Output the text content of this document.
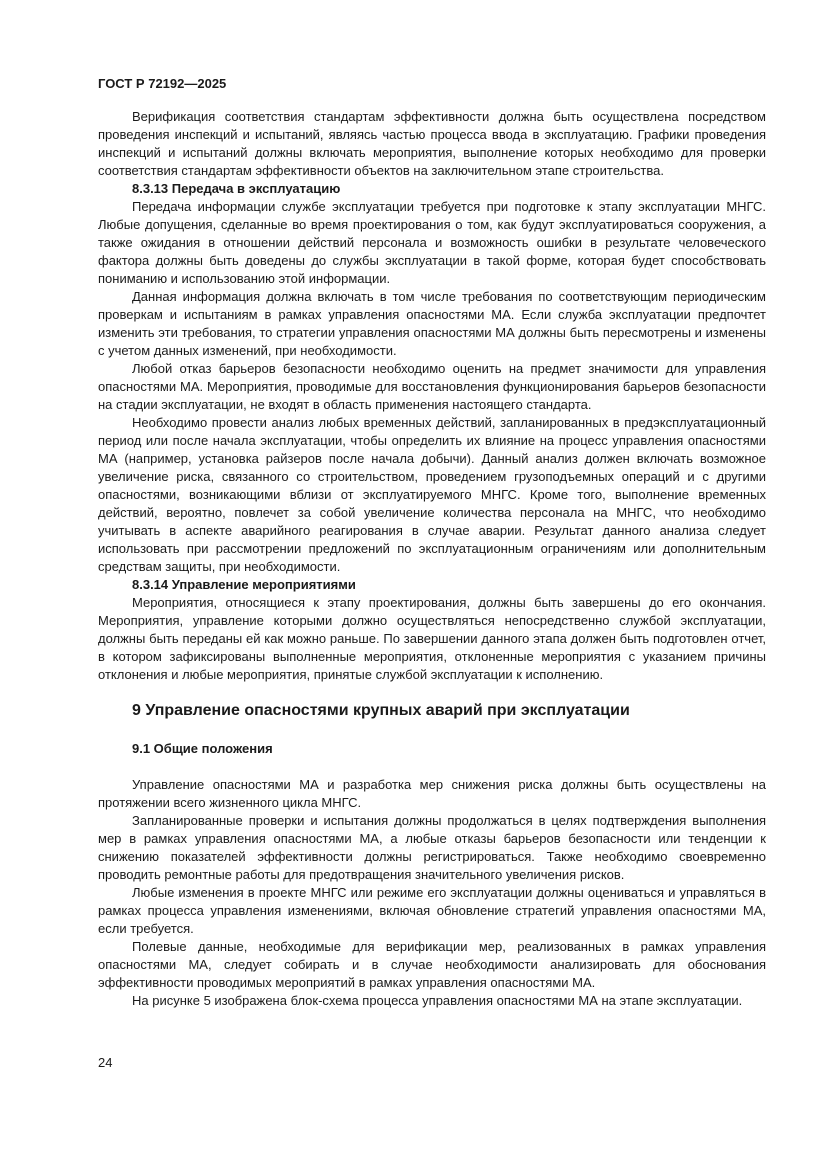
ГОСТ Р 72192—2025

Верификация соответствия стандартам эффективности должна быть осуществлена посредством проведения инспекций и испытаний, являясь частью процесса ввода в эксплуатацию. Графики проведения инспекций и испытаний должны включать мероприятия, выполнение которых необходимо для проверки соответствия стандартам эффективности объектов на заключительном этапе строительства.

8.3.13 Передача в эксплуатацию

Передача информации службе эксплуатации требуется при подготовке к этапу эксплуатации МНГС. Любые допущения, сделанные во время проектирования о том, как будут эксплуатироваться сооружения, а также ожидания в отношении действий персонала и возможность ошибки в результате человеческого фактора должны быть доведены до службы эксплуатации в такой форме, которая будет способствовать пониманию и использованию этой информации.

Данная информация должна включать в том числе требования по соответствующим периодическим проверкам и испытаниям в рамках управления опасностями МА. Если служба эксплуатации предпочтет изменить эти требования, то стратегии управления опасностями МА должны быть пересмотрены и изменены с учетом данных изменений, при необходимости.

Любой отказ барьеров безопасности необходимо оценить на предмет значимости для управления опасностями МА. Мероприятия, проводимые для восстановления функционирования барьеров безопасности на стадии эксплуатации, не входят в область применения настоящего стандарта.

Необходимо провести анализ любых временных действий, запланированных в предэксплуатационный период или после начала эксплуатации, чтобы определить их влияние на процесс управления опасностями МА (например, установка райзеров после начала добычи). Данный анализ должен включать возможное увеличение риска, связанного со строительством, проведением грузоподъемных операций и с другими опасностями, возникающими вблизи от эксплуатируемого МНГС. Кроме того, выполнение временных действий, вероятно, повлечет за собой увеличение количества персонала на МНГС, что необходимо учитывать в аспекте аварийного реагирования в случае аварии. Результат данного анализа следует использовать при рассмотрении предложений по эксплуатационным ограничениям или дополнительным средствам защиты, при необходимости.

8.3.14 Управление мероприятиями

Мероприятия, относящиеся к этапу проектирования, должны быть завершены до его окончания. Мероприятия, управление которыми должно осуществляться непосредственно службой эксплуатации, должны быть переданы ей как можно раньше. По завершении данного этапа должен быть подготовлен отчет, в котором зафиксированы выполненные мероприятия, отклоненные мероприятия с указанием причины отклонения и любые мероприятия, принятые службой эксплуатации к исполнению.

9 Управление опасностями крупных аварий при эксплуатации

9.1 Общие положения

Управление опасностями МА и разработка мер снижения риска должны быть осуществлены на протяжении всего жизненного цикла МНГС.

Запланированные проверки и испытания должны продолжаться в целях подтверждения выполнения мер в рамках управления опасностями МА, а любые отказы барьеров безопасности или тенденции к снижению показателей эффективности должны регистрироваться. Также необходимо своевременно проводить ремонтные работы для предотвращения значительного увеличения рисков.

Любые изменения в проекте МНГС или режиме его эксплуатации должны оцениваться и управляться в рамках процесса управления изменениями, включая обновление стратегий управления опасностями МА, если требуется.

Полевые данные, необходимые для верификации мер, реализованных в рамках управления опасностями МА, следует собирать и в случае необходимости анализировать для обоснования эффективности проводимых мероприятий в рамках управления опасностями МА.

На рисунке 5 изображена блок-схема процесса управления опасностями МА на этапе эксплуатации.

24
